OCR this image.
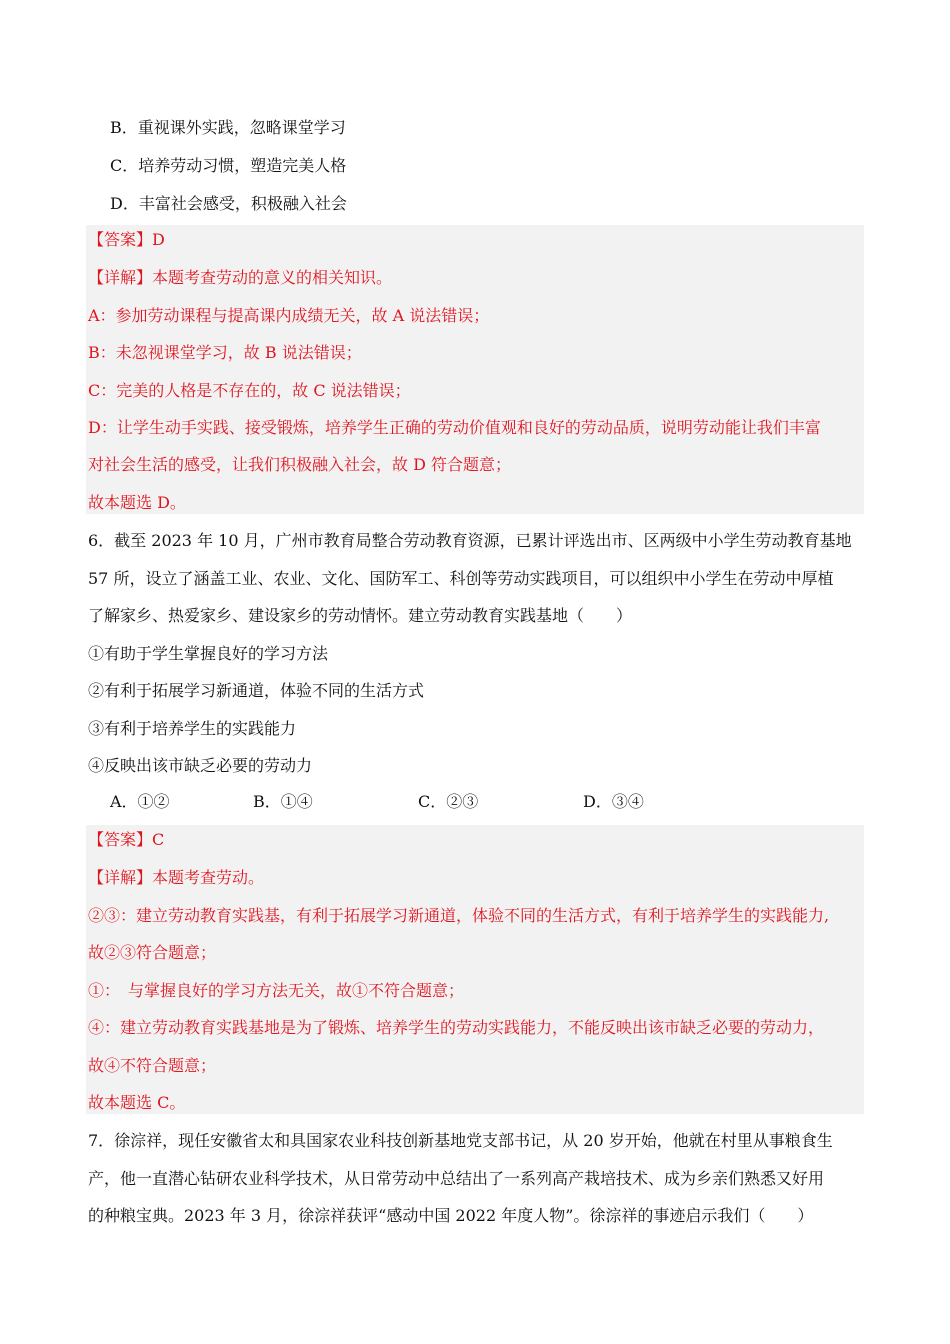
B．重视课外实践，忽略课堂学习
C．培养劳动习惯，塑造完美人格
D．丰富社会感受，积极融入社会
【答案】D
【详解】本题考查劳动的意义的相关知识。
A：参加劳动课程与提高课内成绩无关，故 A 说法错误；
B：未忽视课堂学习，故 B 说法错误；
C：完美的人格是不存在的，故 C 说法错误；
D：让学生动手实践、接受锻炼，培养学生正确的劳动价值观和良好的劳动品质，说明劳动能让我们丰富
对社会生活的感受，让我们积极融入社会，故 D 符合题意；
故本题选 D。
6．截至 2023 年 10 月，广州市教育局整合劳动教育资源，已累计评选出市、区两级中小学生劳动教育基地
57 所，设立了涵盖工业、农业、文化、国防军工、科创等劳动实践项目，可以组织中小学生在劳动中厚植
了解家乡、热爱家乡、建设家乡的劳动情怀。建立劳动教育实践基地（　　）
①有助于学生掌握良好的学习方法
②有利于拓展学习新通道，体验不同的生活方式
③有利于培养学生的实践能力
④反映出该市缺乏必要的劳动力
A．①②	B．①④	C．②③	D．③④
【答案】C
【详解】本题考查劳动。
②③：建立劳动教育实践基，有利于拓展学习新通道，体验不同的生活方式，有利于培养学生的实践能力,
故②③符合题意；
①：　与掌握良好的学习方法无关，故①不符合题意；
④：建立劳动教育实践基地是为了锻炼、培养学生的劳动实践能力，不能反映出该市缺乏必要的劳动力，
故④不符合题意；
故本题选 C。
7．徐淙祥，现任安徽省太和具国家农业科技创新基地党支部书记，从 20 岁开始，他就在村里从事粮食生
产，他一直潜心钻研农业科学技术，从日常劳动中总结出了一系列高产栽培技术、成为乡亲们熟悉又好用
的种粮宝典。2023 年 3 月，徐淙祥获评“感动中国 2022 年度人物”。徐淙祥的事迹启示我们（　　）
